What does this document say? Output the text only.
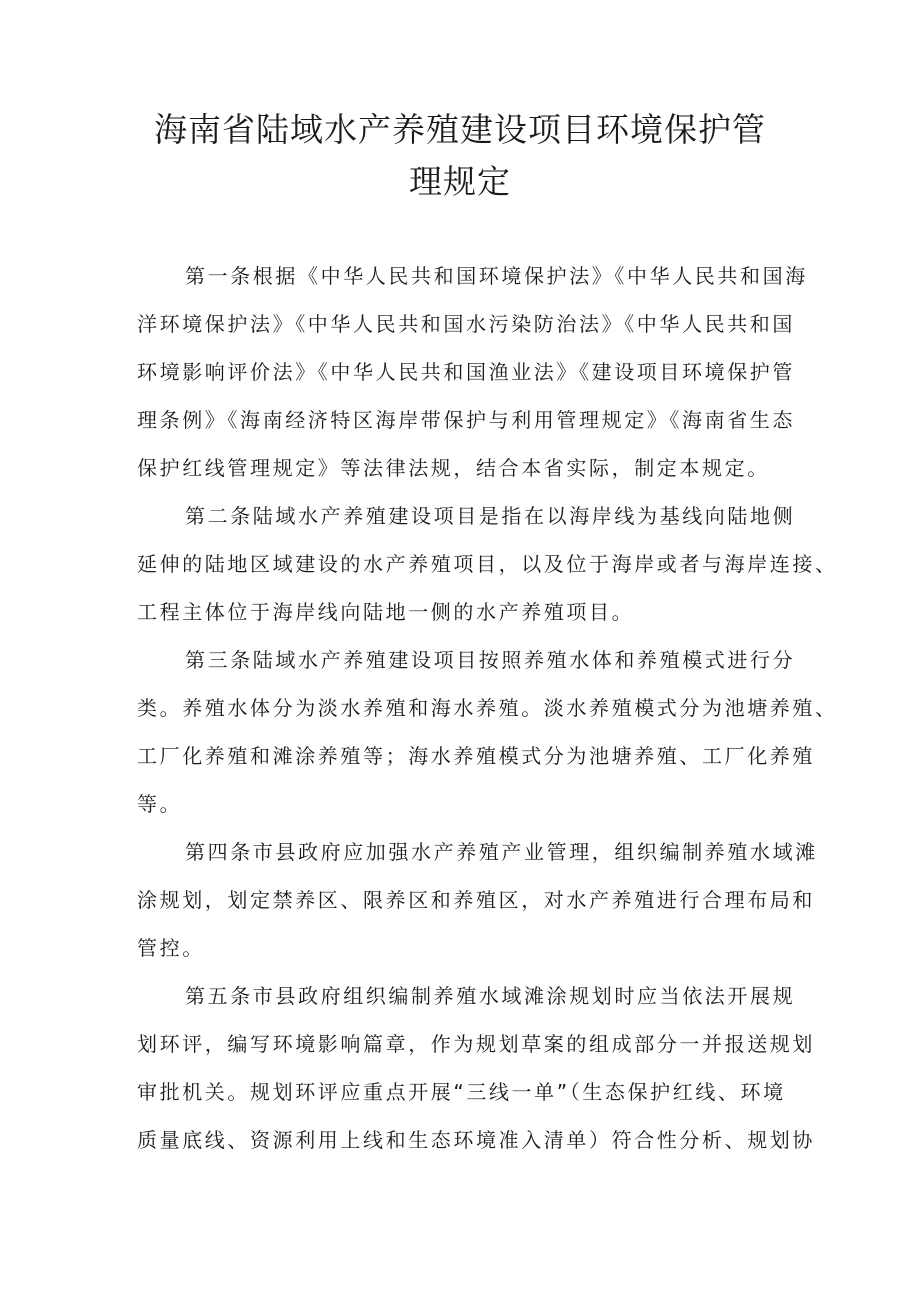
海南省陆域水产养殖建设项目环境保护管
理规定
第一条根据《中华人民共和国环境保护法》《中华人民共和国海
洋环境保护法》《中华人民共和国水污染防治法》《中华人民共和国
环境影响评价法》《中华人民共和国渔业法》《建设项目环境保护管
理条例》《海南经济特区海岸带保护与利用管理规定》《海南省生态
保护红线管理规定》等法律法规，结合本省实际，制定本规定。
第二条陆域水产养殖建设项目是指在以海岸线为基线向陆地侧
延伸的陆地区域建设的水产养殖项目，以及位于海岸或者与海岸连接、
工程主体位于海岸线向陆地一侧的水产养殖项目。
第三条陆域水产养殖建设项目按照养殖水体和养殖模式进行分
类。养殖水体分为淡水养殖和海水养殖。淡水养殖模式分为池塘养殖、
工厂化养殖和滩涂养殖等；海水养殖模式分为池塘养殖、工厂化养殖
等。
第四条市县政府应加强水产养殖产业管理，组织编制养殖水域滩
涂规划，划定禁养区、限养区和养殖区，对水产养殖进行合理布局和
管控。
第五条市县政府组织编制养殖水域滩涂规划时应当依法开展规
划环评，编写环境影响篇章，作为规划草案的组成部分一并报送规划
审批机关。规划环评应重点开展“三线一单”（生态保护红线、环境
质量底线、资源利用上线和生态环境准入清单）符合性分析、规划协
